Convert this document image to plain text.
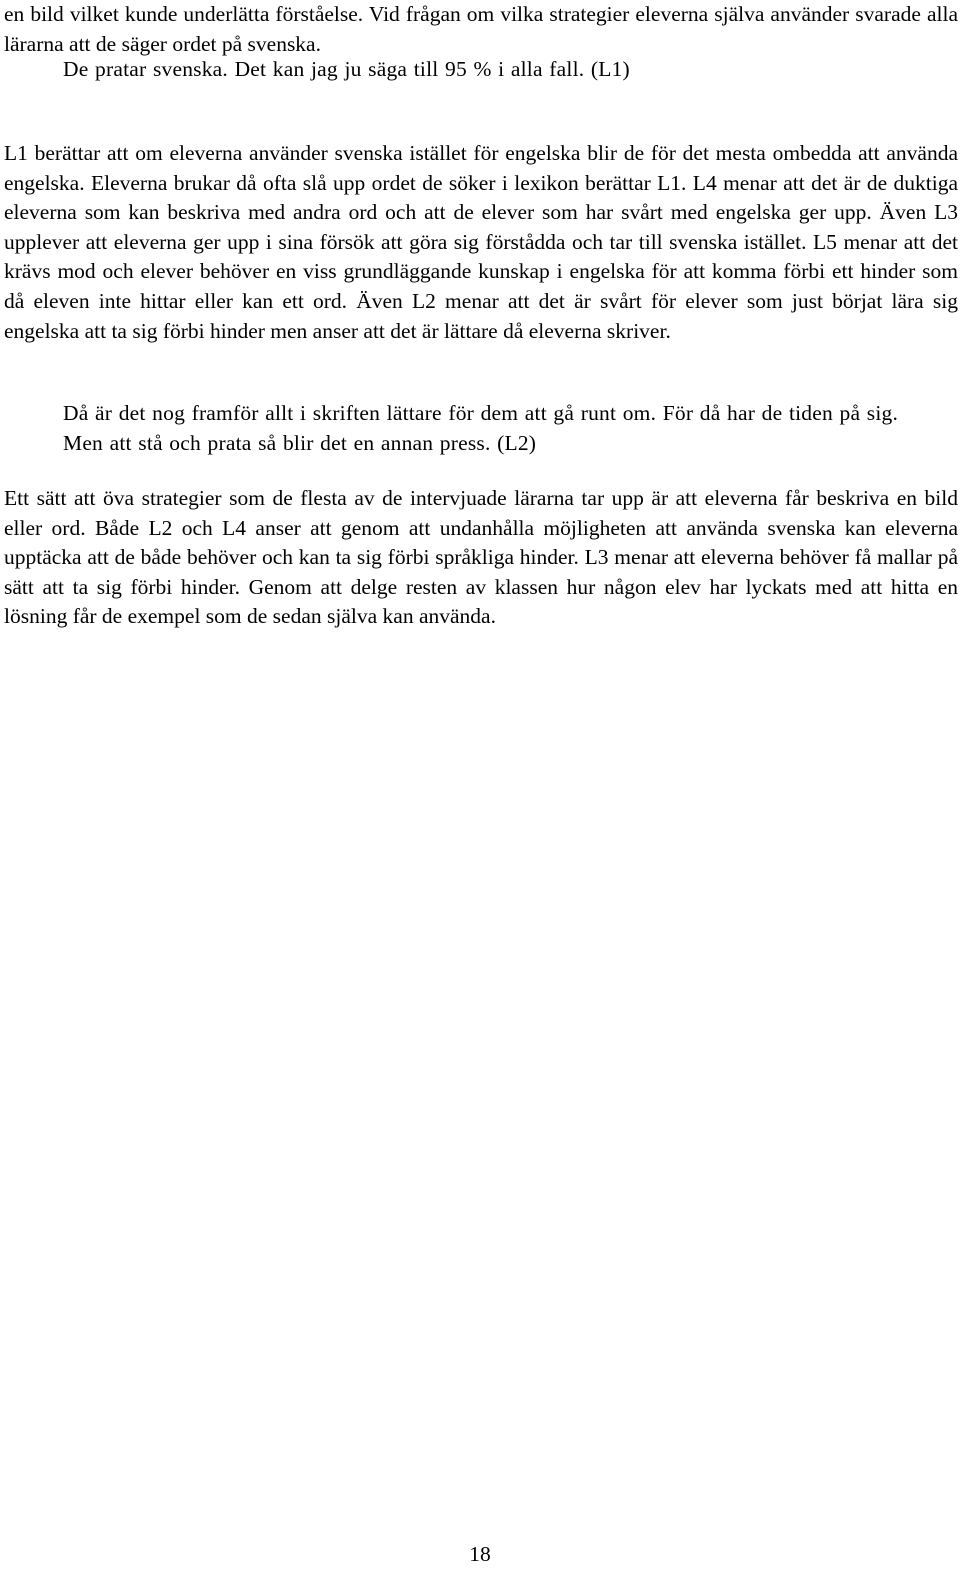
en bild vilket kunde underlätta förståelse. Vid frågan om vilka strategier eleverna själva använder svarade alla lärarna att de säger ordet på svenska.

De pratar svenska. Det kan jag ju säga till 95 % i alla fall. (L1)

L1 berättar att om eleverna använder svenska istället för engelska blir de för det mesta ombedda att använda engelska. Eleverna brukar då ofta slå upp ordet de söker i lexikon berättar L1. L4 menar att det är de duktiga eleverna som kan beskriva med andra ord och att de elever som har svårt med engelska ger upp. Även L3 upplever att eleverna ger upp i sina försök att göra sig förstådda och tar till svenska istället. L5 menar att det krävs mod och elever behöver en viss grundläggande kunskap i engelska för att komma förbi ett hinder som då eleven inte hittar eller kan ett ord. Även L2 menar att det är svårt för elever som just börjat lära sig engelska att ta sig förbi hinder men anser att det är lättare då eleverna skriver.

Då är det nog framför allt i skriften lättare för dem att gå runt om. För då har de tiden på sig. Men att stå och prata så blir det en annan press. (L2)

Ett sätt att öva strategier som de flesta av de intervjuade lärarna tar upp är att eleverna får beskriva en bild eller ord. Både L2 och L4 anser att genom att undanhålla möjligheten att använda svenska kan eleverna upptäcka att de både behöver och kan ta sig förbi språkliga hinder. L3 menar att eleverna behöver få mallar på sätt att ta sig förbi hinder. Genom att delge resten av klassen hur någon elev har lyckats med att hitta en lösning får de exempel som de sedan själva kan använda.

18
